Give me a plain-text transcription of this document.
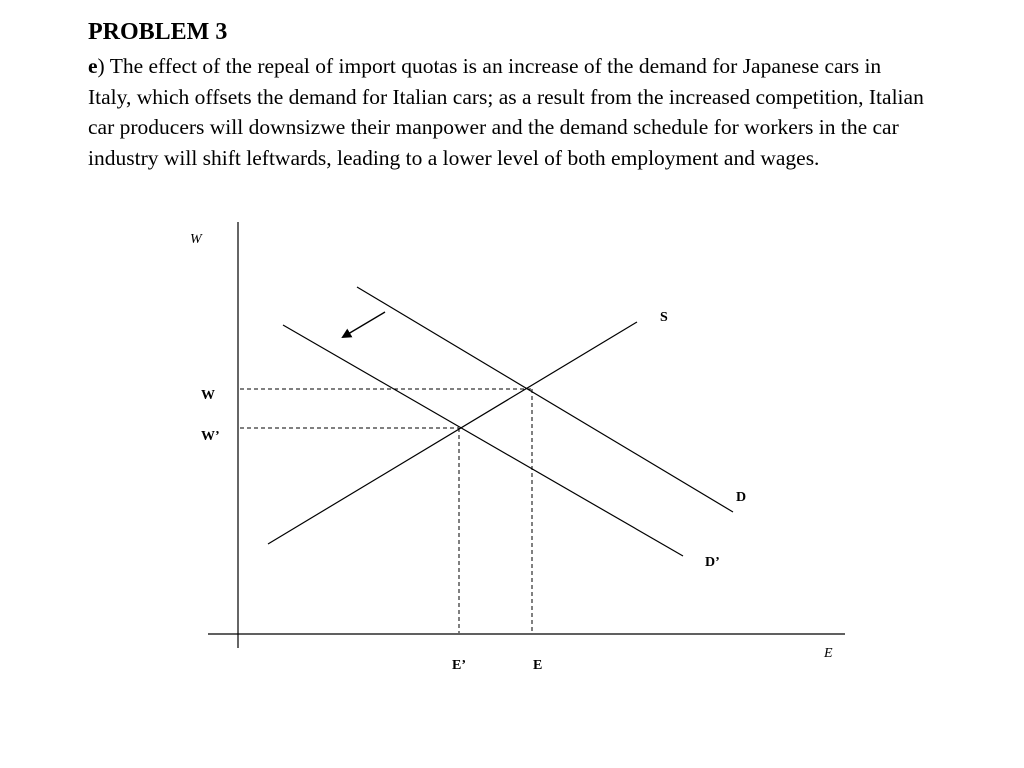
PROBLEM 3

e) The effect of the repeal of import quotas is an increase of the demand for Japanese cars in Italy, which offsets the demand for Italian cars; as a result from the increased competition, Italian car producers will downsizwe their manpower and the demand schedule for workers in the car industry will shift leftwards, leading to a lower level of both employment and wages.

W
E
S
D
D’
W
W’
E’	E
